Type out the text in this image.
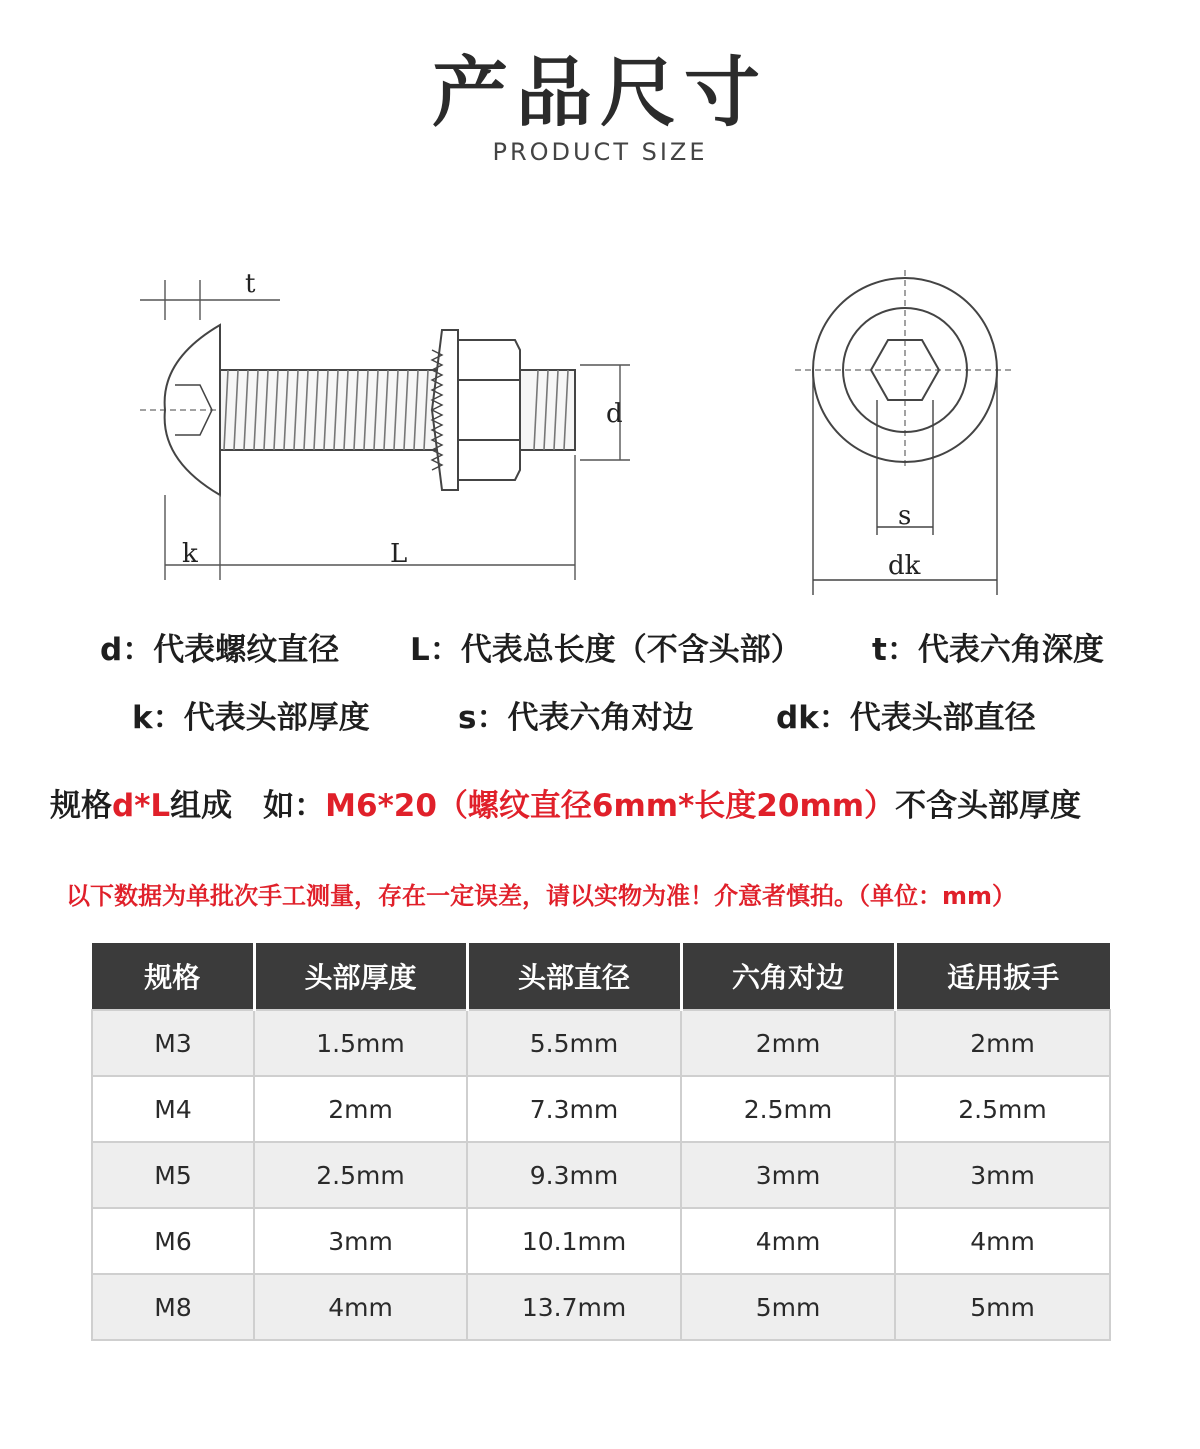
产品尺寸
PRODUCT SIZE
t
d
k	L
s
dk
d：代表螺纹直径 L：代表总长度（不含头部） t：代表六角深度
k：代表头部厚度	s：代表六角对边	dk：代表头部直径
规格d*L组成　如：M6*20（螺纹直径6mm*长度20mm）不含头部厚度
以下数据为单批次手工测量，存在一定误差，请以实物为准！介意者慎拍。（单位：mm）
规格	头部厚度	头部直径	六角对边	适用扳手
M3	1.5mm	5.5mm	2mm	2mm
M4	2mm	7.3mm	2.5mm	2.5mm
M5	2.5mm	9.3mm	3mm	3mm
M6	3mm	10.1mm	4mm	4mm
M8	4mm	13.7mm	5mm	5mm
